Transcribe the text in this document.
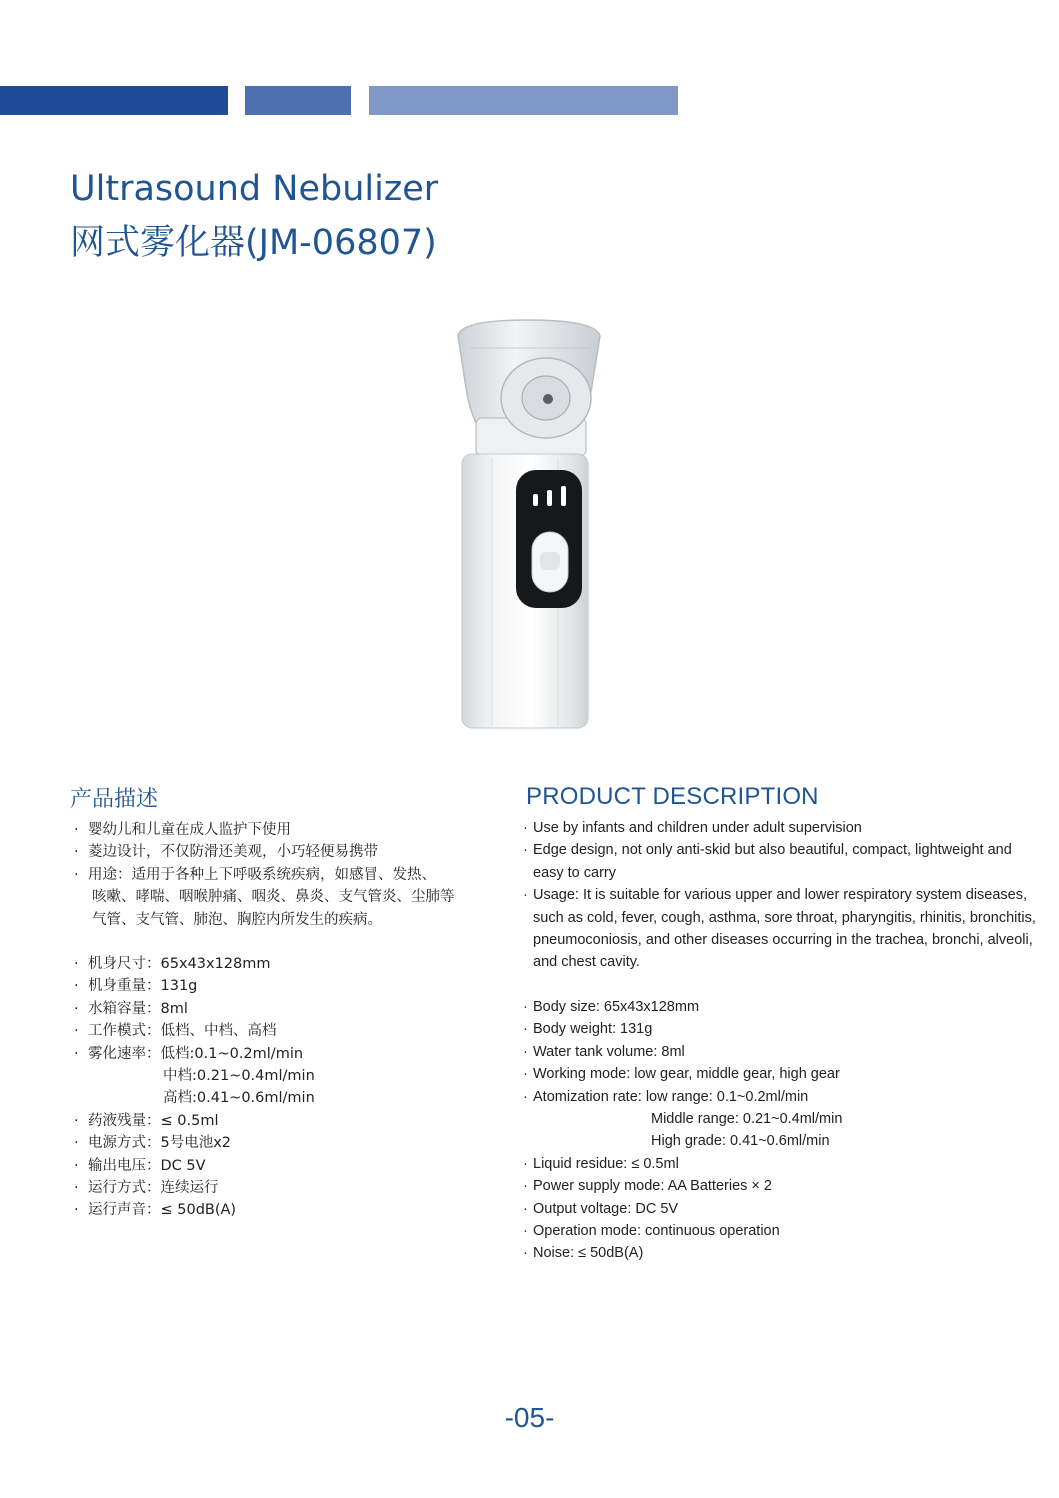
Ultrasound Nebulizer
网式雾化器(JM-06807)
产品描述	PRODUCT DESCRIPTION
· 婴幼儿和儿童在成人监护下使用
· 菱边设计，不仅防滑还美观，小巧轻便易携带
· 用途：适用于各种上下呼吸系统疾病，如感冒、发热、
咳嗽、哮喘、咽喉肿痛、咽炎、鼻炎、支气管炎、尘肺等
气管、支气管、肺泡、胸腔内所发生的疾病。
· 机身尺寸：65x43x128mm
· 机身重量：131g
· 水箱容量：8ml
· 工作模式：低档、中档、高档
· 雾化速率：低档:0.1~0.2ml/min
中档:0.21~0.4ml/min
高档:0.41~0.6ml/min
· 药液残量：≤ 0.5ml
· 电源方式：5号电池x2
· 输出电压：DC 5V
· 运行方式：连续运行
· 运行声音：≤ 50dB(A)
· Use by infants and children under adult supervision
· Edge design, not only anti-skid but also beautiful, compact, lightweight and
easy to carry
· Usage: It is suitable for various upper and lower respiratory system diseases,
such as cold, fever, cough, asthma, sore throat, pharyngitis, rhinitis, bronchitis,
pneumoconiosis, and other diseases occurring in the trachea, bronchi, alveoli,
and chest cavity.
· Body size: 65x43x128mm
· Body weight: 131g
· Water tank volume: 8ml
· Working mode: low gear, middle gear, high gear
· Atomization rate: low range: 0.1~0.2ml/min
Middle range: 0.21~0.4ml/min
High grade: 0.41~0.6ml/min
· Liquid residue: ≤ 0.5ml
· Power supply mode: AA Batteries × 2
· Output voltage: DC 5V
· Operation mode: continuous operation
· Noise: ≤ 50dB(A)
-05-
